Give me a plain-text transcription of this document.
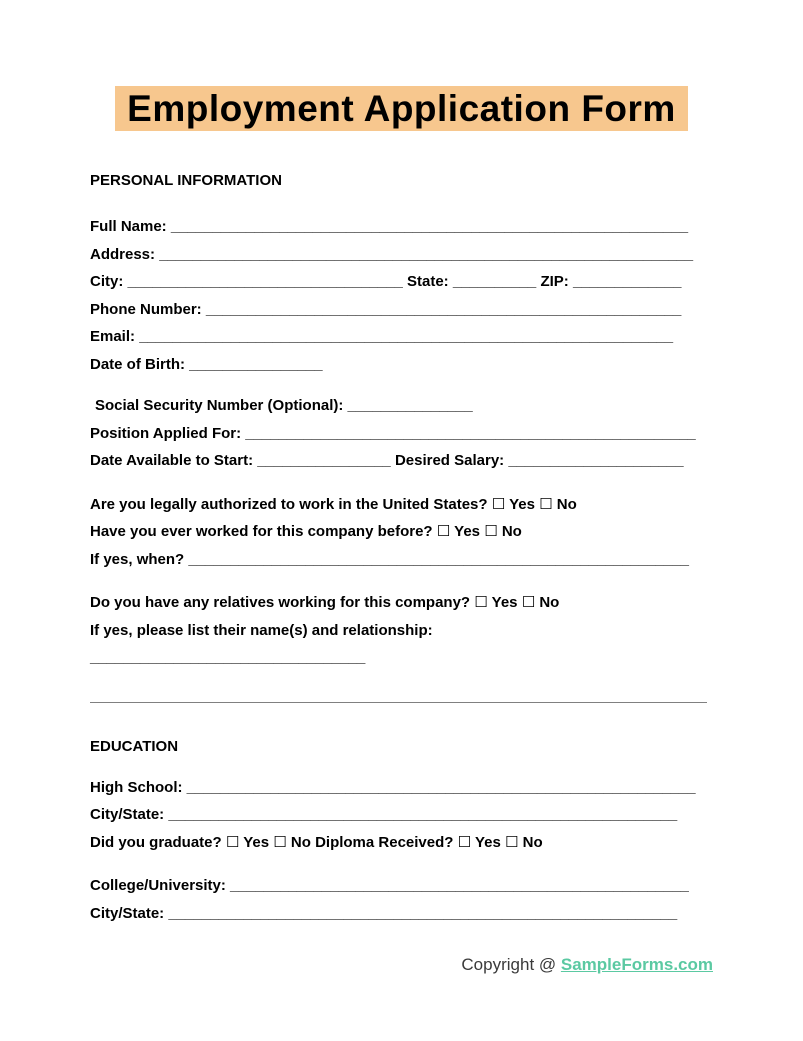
Employment Application Form

PERSONAL INFORMATION

Full Name: ______________________________________________________________

Address: ________________________________________________________________

City: _________________________________ State: __________ ZIP: _____________

Phone Number: _________________________________________________________

Email: ________________________________________________________________

Date of Birth: ________________

Social Security Number (Optional): _______________

Position Applied For: ______________________________________________________

Date Available to Start: ________________ Desired Salary: _____________________

Are you legally authorized to work in the United States? ☐ Yes ☐ No

Have you ever worked for this company before? ☐ Yes ☐ No

If yes, when? ____________________________________________________________

Do you have any relatives working for this company? ☐ Yes ☐ No

If yes, please list their name(s) and relationship:

_________________________________

EDUCATION

High School: _____________________________________________________________

City/State: _____________________________________________________________

Did you graduate? ☐ Yes ☐ No Diploma Received? ☐ Yes ☐ No

College/University: _______________________________________________________

City/State: _____________________________________________________________

Copyright @ SampleForms.com
